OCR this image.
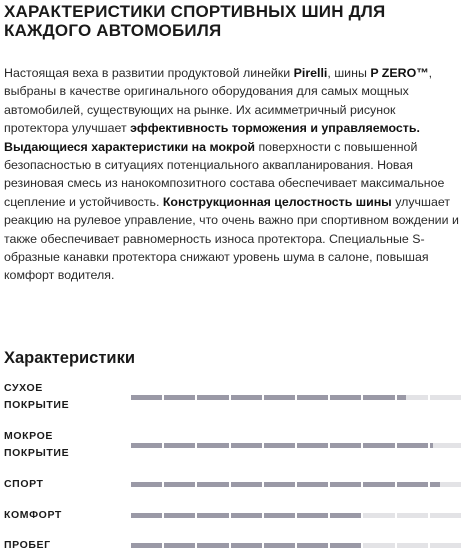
ХАРАКТЕРИСТИКИ СПОРТИВНЫХ ШИН ДЛЯ КАЖДОГО АВТОМОБИЛЯ

Настоящая веха в развитии продуктовой линейки Pirelli, шины P ZERO™, выбраны в качестве оригинального оборудования для самых мощных автомобилей, существующих на рынке. Их асимметричный рисунок протектора улучшает эффективность торможения и управляемость. Выдающиеся характеристики на мокрой поверхности с повышенной безопасностью в ситуациях потенциального аквапланирования. Новая резиновая смесь из нанокомпозитного состава обеспечивает максимальное сцепление и устойчивость. Конструкционная целостность шины улучшает реакцию на рулевое управление, что очень важно при спортивном вождении и также обеспечивает равномерность износа протектора. Специальные S-образные канавки протектора снижают уровень шума в салоне, повышая комфорт водителя.

Характеристики
СУХОЕ ПОКРЫТИЕ
МОКРОЕ ПОКРЫТИЕ
СПОРТ
КОМФОРТ
ПРОБЕГ
